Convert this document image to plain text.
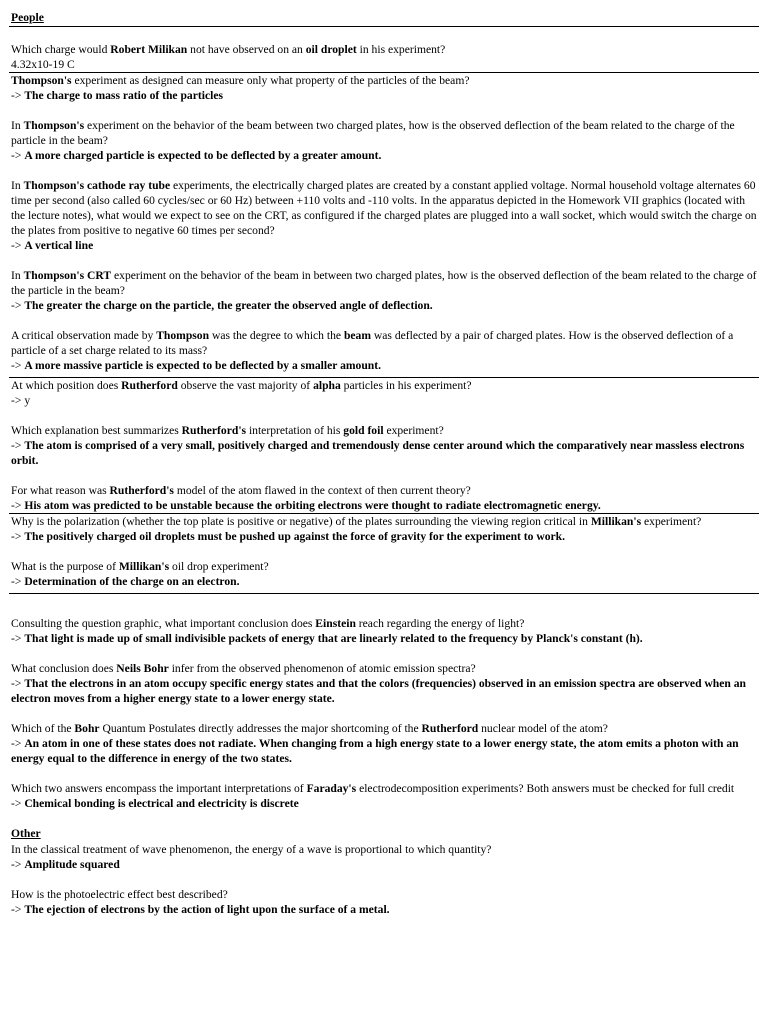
People
Which charge would Robert Milikan not have observed on an oil droplet in his experiment?
4.32x10-19 C
Thompson's experiment as designed can measure only what property of the particles of the beam?
-> The charge to mass ratio of the particles
In Thompson's experiment on the behavior of the beam between two charged plates, how is the observed deflection of the beam related to the charge of the particle in the beam?
-> A more charged particle is expected to be deflected by a greater amount.
In Thompson's cathode ray tube experiments, the electrically charged plates are created by a constant applied voltage. Normal household voltage alternates 60 time per second (also called 60 cycles/sec or 60 Hz) between +110 volts and -110 volts. In the apparatus depicted in the Homework VII graphics (located with the lecture notes), what would we expect to see on the CRT, as configured if the charged plates are plugged into a wall socket, which would switch the charge on the plates from positive to negative 60 times per second?
-> A vertical line
In Thompson's CRT experiment on the behavior of the beam in between two charged plates, how is the observed deflection of the beam related to the charge of the particle in the beam?
-> The greater the charge on the particle, the greater the observed angle of deflection.
A critical observation made by Thompson was the degree to which the beam was deflected by a pair of charged plates. How is the observed deflection of a particle of a set charge related to its mass?
-> A more massive particle is expected to be deflected by a smaller amount.
At which position does Rutherford observe the vast majority of alpha particles in his experiment?
-> y
Which explanation best summarizes Rutherford's interpretation of his gold foil experiment?
-> The atom is comprised of a very small, positively charged and tremendously dense center around which the comparatively near massless electrons orbit.
For what reason was Rutherford's model of the atom flawed in the context of then current theory?
-> His atom was predicted to be unstable because the orbiting electrons were thought to radiate electromagnetic energy.
Why is the polarization (whether the top plate is positive or negative) of the plates surrounding the viewing region critical in Millikan's experiment?
-> The positively charged oil droplets must be pushed up against the force of gravity for the experiment to work.
What is the purpose of Millikan's oil drop experiment?
-> Determination of the charge on an electron.
Consulting the question graphic, what important conclusion does Einstein reach regarding the energy of light?
-> That light is made up of small indivisible packets of energy that are linearly related to the frequency by Planck's constant (h).
What conclusion does Neils Bohr infer from the observed phenomenon of atomic emission spectra?
-> That the electrons in an atom occupy specific energy states and that the colors (frequencies) observed in an emission spectra are observed when an electron moves from a higher energy state to a lower energy state.
Which of the Bohr Quantum Postulates directly addresses the major shortcoming of the Rutherford nuclear model of the atom?
-> An atom in one of these states does not radiate. When changing from a high energy state to a lower energy state, the atom emits a photon with an energy equal to the difference in energy of the two states.
Which two answers encompass the important interpretations of Faraday's electrodecomposition experiments? Both answers must be checked for full credit
-> Chemical bonding is electrical and electricity is discrete
Other
In the classical treatment of wave phenomenon, the energy of a wave is proportional to which quantity?
-> Amplitude squared
How is the photoelectric effect best described?
-> The ejection of electrons by the action of light upon the surface of a metal.
